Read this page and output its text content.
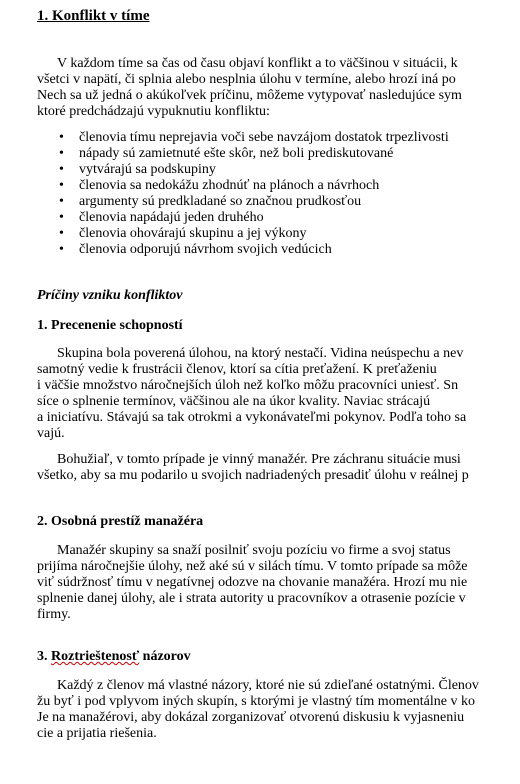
1. Konflikt v tíme
V každom tíme sa čas od času objaví konflikt a to väčšinou v situácii, k
všetci v napätí, či splnia alebo nesplnia úlohu v termíne, alebo hrozí iná po
Nech sa už jedná o akúkoľvek príčinu, môžeme vytypovať nasledujúce sym
ktoré predchádzajú vypuknutiu konfliktu:
• členovia tímu neprejavia voči sebe navzájom dostatok trpezlivosti
• nápady sú zamietnuté ešte skôr, než boli prediskutované
• vytvárajú sa podskupiny
• členovia sa nedokážu zhodnúť na plánoch a návrhoch
• argumenty sú predkladané so značnou prudkosťou
• členovia napádajú jeden druhého
• členovia ohovárajú skupinu a jej výkony
• členovia odporujú návrhom svojich vedúcich
Príčiny vzniku konfliktov
1. Precenenie schopností
Skupina bola poverená úlohou, na ktorý nestačí. Vidina neúspechu a nev
samotný vedie k frustrácii členov, ktorí sa cítia preťažení. K preťaženiu
i väčšie množstvo náročnejších úloh než koľko môžu pracovníci uniesť. Sn
síce o splnenie termínov, väčšinou ale na úkor kvality. Naviac strácajú
a iniciatívu. Stávajú sa tak otrokmi a vykonávateľmi pokynov. Podľa toho sa
vajú.
Bohužiaľ, v tomto prípade je vinný manažér. Pre záchranu situácie musi
všetko, aby sa mu podarilo u svojich nadriadených presadiť úlohu v reálnej p
2. Osobná prestíž manažéra
Manažér skupiny sa snaží posilniť svoju pozíciu vo firme a svoj status
prijíma náročnejšie úlohy, než aké sú v silách tímu. V tomto prípade sa môže
viť súdržnosť tímu v negatívnej odozve na chovanie manažéra. Hrozí mu nie
splnenie danej úlohy, ale i strata autority u pracovníkov a otrasenie pozície v
firmy.
3. Roztrieštenosť názorov
Každý z členov má vlastné názory, ktoré nie sú zdieľané ostatnými. Členov
žu byť i pod vplyvom iných skupín, s ktorými je vlastný tím momentálne v ko
Je na manažérovi, aby dokázal zorganizovať otvorenú diskusiu k vyjasneniu
cie a prijatia riešenia.
